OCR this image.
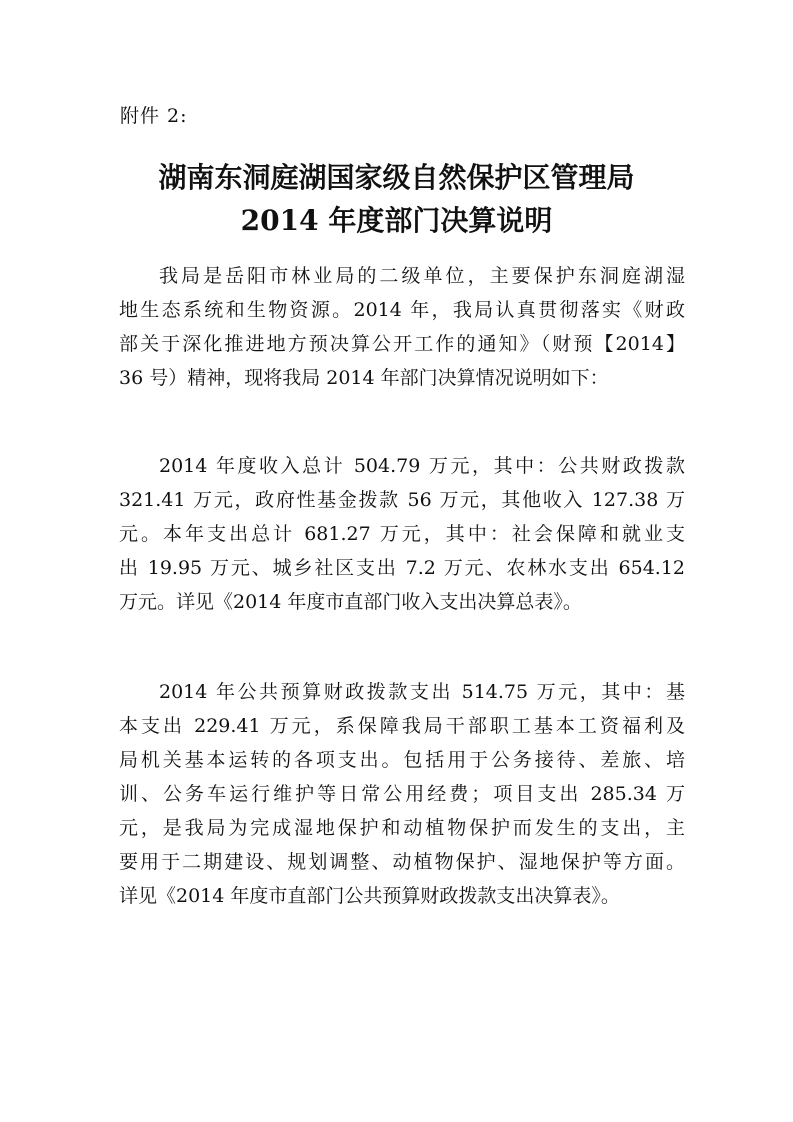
附件 2:
湖南东洞庭湖国家级自然保护区管理局
2014 年度部门决算说明
我局是岳阳市林业局的二级单位，主要保护东洞庭湖湿
地生态系统和生物资源。2014 年，我局认真贯彻落实《财政
部关于深化推进地方预决算公开工作的通知》（财预【2014】
36 号）精神，现将我局 2014 年部门决算情况说明如下：
2014 年度收入总计 504.79 万元，其中：公共财政拨款
321.41 万元，政府性基金拨款 56 万元，其他收入 127.38 万
元。本年支出总计 681.27 万元，其中：社会保障和就业支
出 19.95 万元、城乡社区支出 7.2 万元、农林水支出 654.12
万元。详见《2014 年度市直部门收入支出决算总表》。
2014 年公共预算财政拨款支出 514.75 万元，其中：基
本支出 229.41 万元，系保障我局干部职工基本工资福利及
局机关基本运转的各项支出。包括用于公务接待、差旅、培
训、公务车运行维护等日常公用经费；项目支出 285.34 万
元，是我局为完成湿地保护和动植物保护而发生的支出，主
要用于二期建设、规划调整、动植物保护、湿地保护等方面。
详见《2014 年度市直部门公共预算财政拨款支出决算表》。
